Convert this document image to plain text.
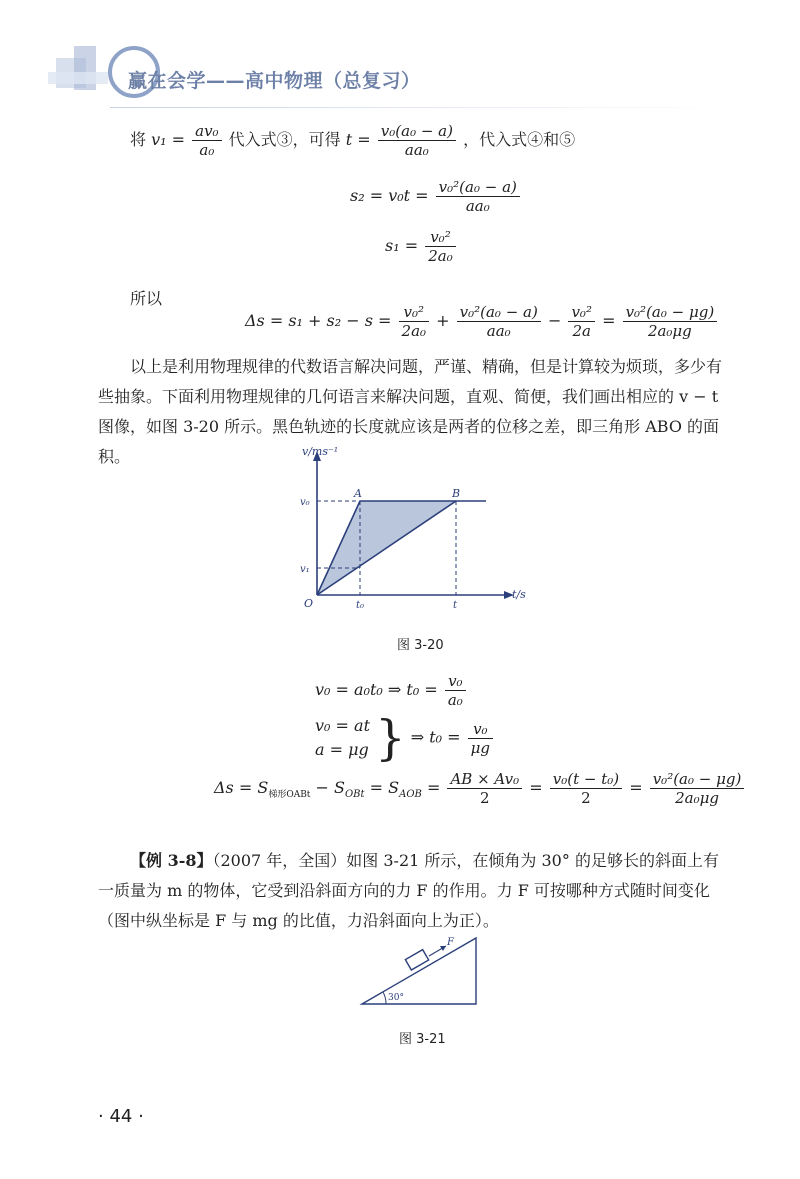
赢在会学——高中物理（总复习）
将 $v_1 = \frac{\text{av₀}}{\text{a₀}}$ 代入式③，可得 $t = \frac{\text{v₀(a₀ − a)}}{\text{aa₀}}$ ，代入式④和⑤
$s_2 = v_0t = \frac{\text{v₀²(a₀ − a)}}{\text{aa₀}}$
$s_1 = \frac{\text{v₀²}}{\text{2a₀}}$
所以
$\Delta s = s_1 + s_2 - s = \frac{\text{v₀²}}{\text{2a₀}} + \frac{\text{v₀²(a₀ − a)}}{\text{aa₀}} - \frac{\text{v₀²}}{2a} = \frac{\text{v₀²(a₀ − μg)}}{\text{2a₀μg}}$
以上是利用物理规律的代数语言解决问题，严谨、精确，但是计算较为烦琐，多少有些抽象。下面利用物理规律的几何语言来解决问题，直观、简便，我们画出相应的 v − t 图像，如图 3-20 所示。黑色轨迹的长度就应该是两者的位移之差，即三角形 ABO 的面积。	v/ms⁻¹
t/s
O
A	B
v₀
v₁
t₀	t
图 3-20
v₀ = a₀t₀ ⇒ $t_0 = \frac{\text{v₀}}{\text{a₀}}$
v₀ = at
a = μg } ⇒ $t_0 = \frac{\text{v₀}}{\mu g}$
$\Delta s = S_{梯形OABt} - S_{OBt} = S_{AOB} = \frac{\text{AB × Av₀}}{2} = \frac{\text{v₀(t − t₀)}}{2} = \frac{\text{v₀²(a₀ − μg)}}{\text{2a₀μg}}$
【例 3-8】（2007 年，全国）如图 3-21 所示，在倾角为 30° 的足够长的斜面上有一质量为 m 的物体，它受到沿斜面方向的力 F 的作用。力 F 可按哪种方式随时间变化（图中纵坐标是 F 与 mg 的比值，力沿斜面向上为正）。
F
30°
图 3-21
· 44 ·
